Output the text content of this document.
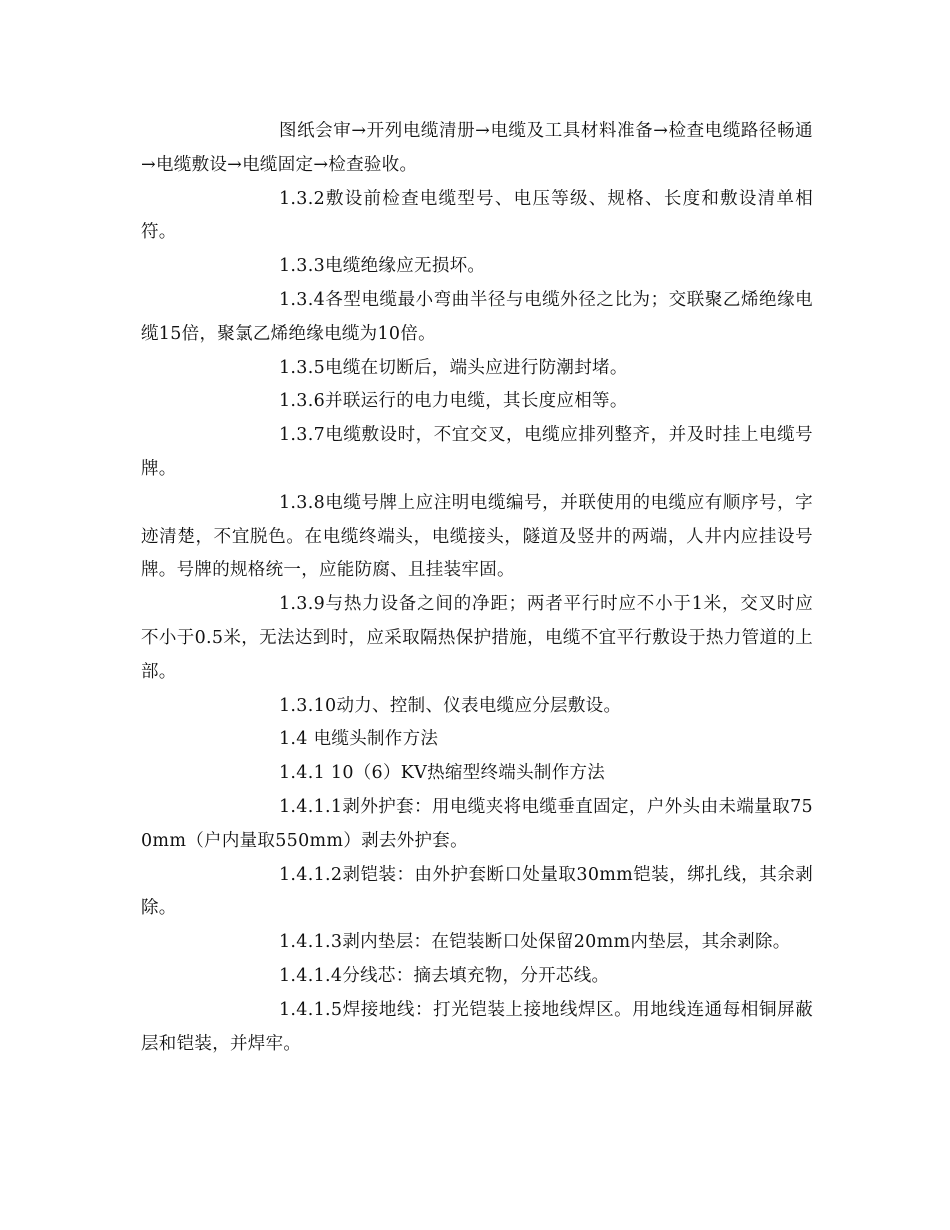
图纸会审→开列电缆清册→电缆及工具材料准备→检查电缆路径畅通→电缆敷设→电缆固定→检查验收。

1.3.2敷设前检查电缆型号、电压等级、规格、长度和敷设清单相符。

1.3.3电缆绝缘应无损坏。

1.3.4各型电缆最小弯曲半径与电缆外径之比为；交联聚乙烯绝缘电缆15倍，聚氯乙烯绝缘电缆为10倍。

1.3.5电缆在切断后，端头应进行防潮封堵。

1.3.6并联运行的电力电缆，其长度应相等。

1.3.7电缆敷设时，不宜交叉，电缆应排列整齐，并及时挂上电缆号牌。

1.3.8电缆号牌上应注明电缆编号，并联使用的电缆应有顺序号，字迹清楚，不宜脱色。在电缆终端头，电缆接头，隧道及竖井的两端，人井内应挂设号牌。号牌的规格统一，应能防腐、且挂装牢固。

1.3.9与热力设备之间的净距；两者平行时应不小于1米，交叉时应不小于0.5米，无法达到时，应采取隔热保护措施，电缆不宜平行敷设于热力管道的上部。

1.3.10动力、控制、仪表电缆应分层敷设。

1.4 电缆头制作方法

1.4.1 10（6）KV热缩型终端头制作方法

1.4.1.1剥外护套：用电缆夹将电缆垂直固定，户外头由未端量取750mm（户内量取550mm）剥去外护套。

1.4.1.2剥铠装：由外护套断口处量取30mm铠装，绑扎线，其余剥除。

1.4.1.3剥内垫层：在铠装断口处保留20mm内垫层，其余剥除。

1.4.1.4分线芯：摘去填充物，分开芯线。

1.4.1.5焊接地线：打光铠装上接地线焊区。用地线连通每相铜屏蔽层和铠装，并焊牢。
